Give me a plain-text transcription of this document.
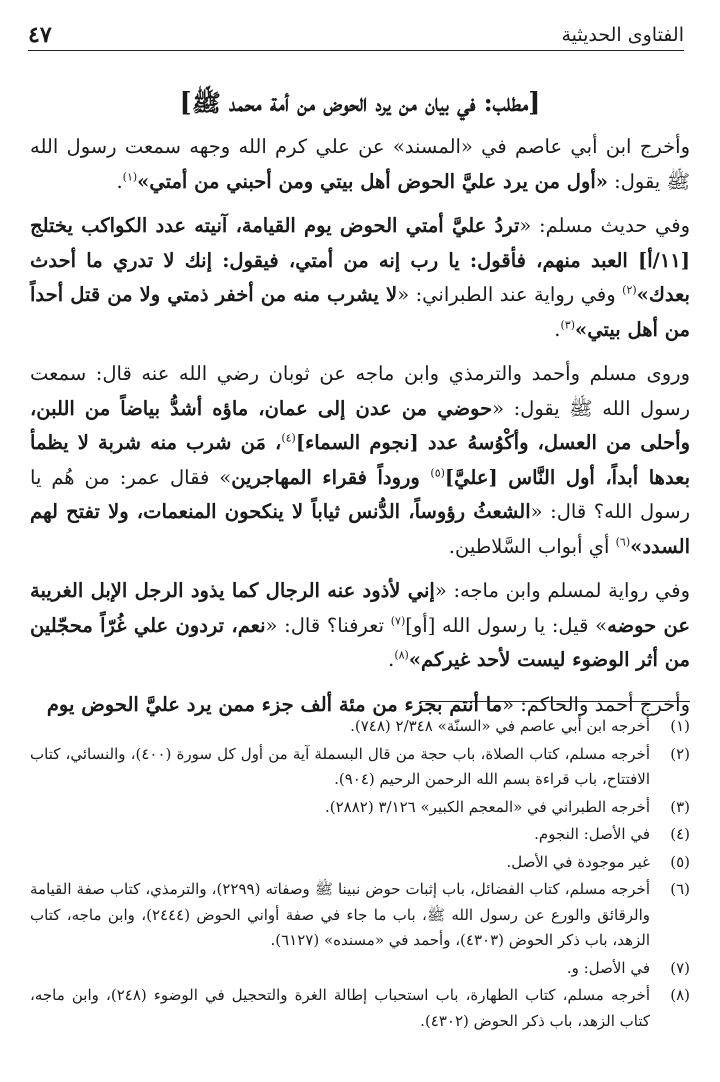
الفتاوى الحديثية
٤٧
[مطلب: في بيان من يرد الحوض من أمة محمد ﷺ]

وأخرج ابن أبي عاصم في «المسند» عن علي كرم الله وجهه سمعت رسول الله ﷺ يقول: «أول من يرد عليَّ الحوض أهل بيتي ومن أحبني من أمتي»$^{(١)}$.

وفي حديث مسلم: «تردُ عليَّ أمتي الحوض يوم القيامة، آنيته عدد الكواكب يختلج [١١/أ] العبد منهم، فأقول: يا رب إنه من أمتي، فيقول: إنك لا تدري ما أحدث بعدك»$^{(٢)}$ وفي رواية عند الطبراني: «لا يشرب منه من أخفر ذمتي ولا من قتل أحداً من أهل بيتي»$^{(٣)}$.

وروى مسلم وأحمد والترمذي وابن ماجه عن ثوبان رضي الله عنه قال: سمعت رسول الله ﷺ يقول: «حوضي من عدن إلى عمان، ماؤه أشدُّ بياضاً من اللبن، وأحلى من العسل، وأكْوُسهُ عدد [نجوم السماء]$^{(٤)}$، مَن شرب منه شربة لا يظمأ بعدها أبداً، أول النَّاس [عليَّ]$^{(٥)}$ وروداً فقراء المهاجرين» فقال عمر: من هُم يا رسول الله؟ قال: «الشعثُ رؤوساً، الدُّنس ثياباً لا ينكحون المنعمات، ولا تفتح لهم السدد»$^{(٦)}$ أي أبواب السَّلاطين.

وفي رواية لمسلم وابن ماجه: «إني لأذود عنه الرجال كما يذود الرجل الإبل الغريبة عن حوضه» قيل: يا رسول الله [أو]$^{(٧)}$ تعرفنا؟ قال: «نعم، تردون علي غُرّاً محجّلين من أثر الوضوء ليست لأحد غيركم»$^{(٨)}$.

وأخرج أحمد والحاكم: «ما أنتم بجزء من مئة ألف جزء ممن يرد عليَّ الحوض يوم

(١)
أخرجه ابن أبي عاصم في «السنّة» ٢/٣٤٨ (٧٤٨).
(٢)
أخرجه مسلم، كتاب الصلاة، باب حجة من قال البسملة آية من أول كل سورة (٤٠٠)، والنسائي، كتاب الافتتاح، باب قراءة بسم الله الرحمن الرحيم (٩٠٤).
(٣)
أخرجه الطبراني في «المعجم الكبير» ٣/١٢٦ (٢٨٨٢).
(٤)
في الأصل: النجوم.
(٥)
غير موجودة في الأصل.
(٦)
أخرجه مسلم، كتاب الفضائل، باب إثبات حوض نبينا ﷺ وصفاته (٢٢٩٩)، والترمذي، كتاب صفة القيامة والرقائق والورع عن رسول الله ﷺ، باب ما جاء في صفة أواني الحوض (٢٤٤٤)، وابن ماجه، كتاب الزهد، باب ذكر الحوض (٤٣٠٣)، وأحمد في «مسنده» (٦١٢٧).
(٧)
في الأصل: و.
(٨)
أخرجه مسلم، كتاب الطهارة، باب استحباب إطالة الغرة والتحجيل في الوضوء (٢٤٨)، وابن ماجه، كتاب الزهد، باب ذكر الحوض (٤٣٠٢).
